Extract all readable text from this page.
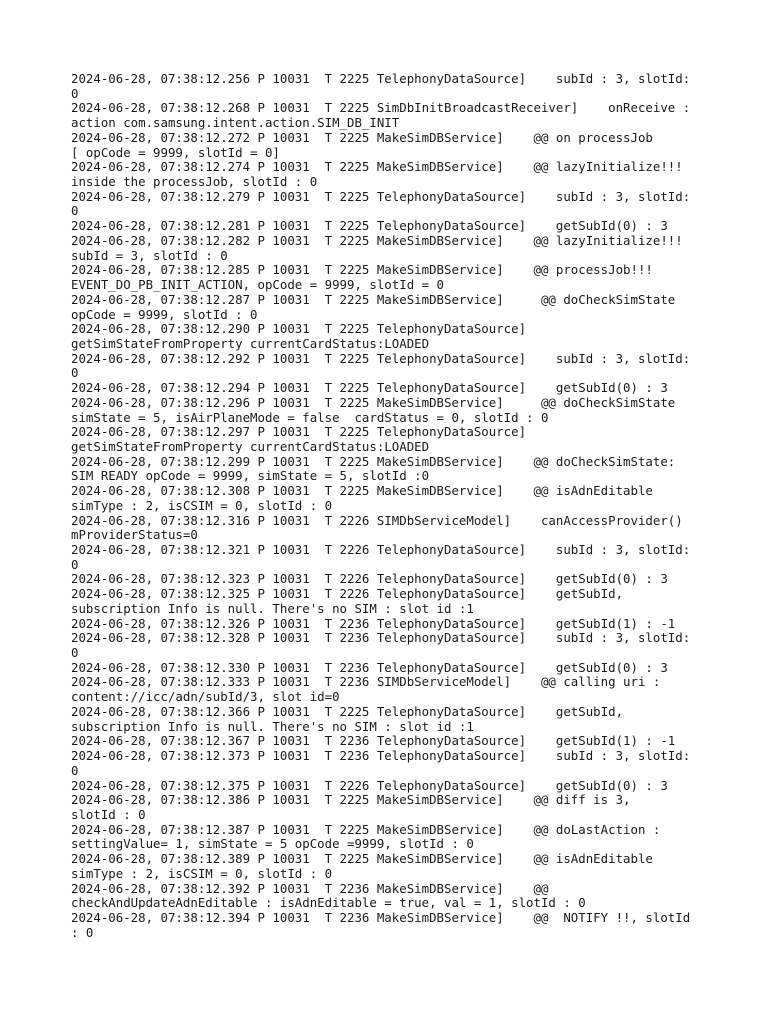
2024-06-28, 07:38:12.256 P 10031  T 2225 TelephonyDataSource]    subId : 3, slotId:
0
2024-06-28, 07:38:12.268 P 10031  T 2225 SimDbInitBroadcastReceiver]    onReceive :
action com.samsung.intent.action.SIM_DB_INIT
2024-06-28, 07:38:12.272 P 10031  T 2225 MakeSimDBService]    @@ on processJob
[ opCode = 9999, slotId = 0]
2024-06-28, 07:38:12.274 P 10031  T 2225 MakeSimDBService]    @@ lazyInitialize!!!
inside the processJob, slotId : 0
2024-06-28, 07:38:12.279 P 10031  T 2225 TelephonyDataSource]    subId : 3, slotId:
0
2024-06-28, 07:38:12.281 P 10031  T 2225 TelephonyDataSource]    getSubId(0) : 3
2024-06-28, 07:38:12.282 P 10031  T 2225 MakeSimDBService]    @@ lazyInitialize!!!
subId = 3, slotId : 0
2024-06-28, 07:38:12.285 P 10031  T 2225 MakeSimDBService]    @@ processJob!!!
EVENT_DO_PB_INIT_ACTION, opCode = 9999, slotId = 0
2024-06-28, 07:38:12.287 P 10031  T 2225 MakeSimDBService]     @@ doCheckSimState
opCode = 9999, slotId : 0
2024-06-28, 07:38:12.290 P 10031  T 2225 TelephonyDataSource]
getSimStateFromProperty currentCardStatus:LOADED
2024-06-28, 07:38:12.292 P 10031  T 2225 TelephonyDataSource]    subId : 3, slotId:
0
2024-06-28, 07:38:12.294 P 10031  T 2225 TelephonyDataSource]    getSubId(0) : 3
2024-06-28, 07:38:12.296 P 10031  T 2225 MakeSimDBService]     @@ doCheckSimState
simState = 5, isAirPlaneMode = false  cardStatus = 0, slotId : 0
2024-06-28, 07:38:12.297 P 10031  T 2225 TelephonyDataSource]
getSimStateFromProperty currentCardStatus:LOADED
2024-06-28, 07:38:12.299 P 10031  T 2225 MakeSimDBService]    @@ doCheckSimState:
SIM READY opCode = 9999, simState = 5, slotId :0
2024-06-28, 07:38:12.308 P 10031  T 2225 MakeSimDBService]    @@ isAdnEditable
simType : 2, isCSIM = 0, slotId : 0
2024-06-28, 07:38:12.316 P 10031  T 2226 SIMDbServiceModel]    canAccessProvider()
mProviderStatus=0
2024-06-28, 07:38:12.321 P 10031  T 2226 TelephonyDataSource]    subId : 3, slotId:
0
2024-06-28, 07:38:12.323 P 10031  T 2226 TelephonyDataSource]    getSubId(0) : 3
2024-06-28, 07:38:12.325 P 10031  T 2226 TelephonyDataSource]    getSubId,
subscription Info is null. There's no SIM : slot id :1
2024-06-28, 07:38:12.326 P 10031  T 2236 TelephonyDataSource]    getSubId(1) : -1
2024-06-28, 07:38:12.328 P 10031  T 2236 TelephonyDataSource]    subId : 3, slotId:
0
2024-06-28, 07:38:12.330 P 10031  T 2236 TelephonyDataSource]    getSubId(0) : 3
2024-06-28, 07:38:12.333 P 10031  T 2236 SIMDbServiceModel]    @@ calling uri :
content://icc/adn/subId/3, slot id=0
2024-06-28, 07:38:12.366 P 10031  T 2225 TelephonyDataSource]    getSubId,
subscription Info is null. There's no SIM : slot id :1
2024-06-28, 07:38:12.367 P 10031  T 2236 TelephonyDataSource]    getSubId(1) : -1
2024-06-28, 07:38:12.373 P 10031  T 2236 TelephonyDataSource]    subId : 3, slotId:
0
2024-06-28, 07:38:12.375 P 10031  T 2226 TelephonyDataSource]    getSubId(0) : 3
2024-06-28, 07:38:12.386 P 10031  T 2225 MakeSimDBService]    @@ diff is 3,
slotId : 0
2024-06-28, 07:38:12.387 P 10031  T 2225 MakeSimDBService]    @@ doLastAction :
settingValue= 1, simState = 5 opCode =9999, slotId : 0
2024-06-28, 07:38:12.389 P 10031  T 2225 MakeSimDBService]    @@ isAdnEditable
simType : 2, isCSIM = 0, slotId : 0
2024-06-28, 07:38:12.392 P 10031  T 2236 MakeSimDBService]    @@
checkAndUpdateAdnEditable : isAdnEditable = true, val = 1, slotId : 0
2024-06-28, 07:38:12.394 P 10031  T 2236 MakeSimDBService]    @@  NOTIFY !!, slotId
: 0
